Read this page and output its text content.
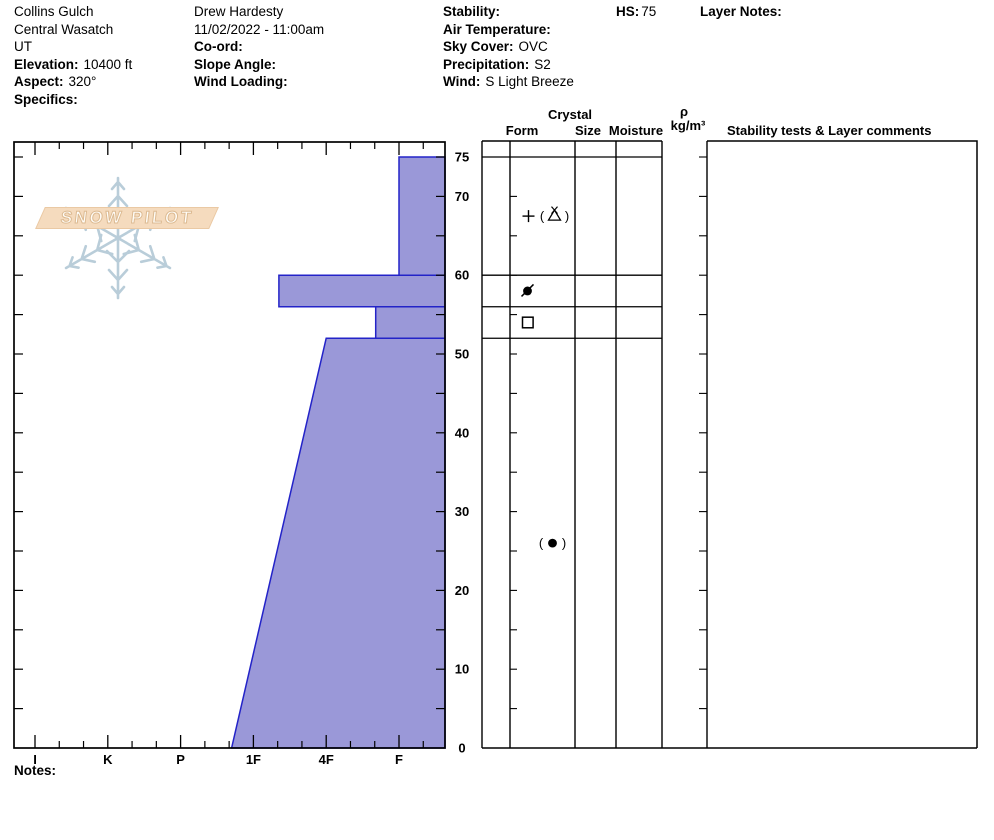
Collins Gulch
Central Wasatch
UT
Elevation: 10400 ft
Aspect: 320°
Specifics:
Drew Hardesty
11/02/2022 - 11:00am
Co-ord:
Slope Angle:
Wind Loading:
Stability:
Air Temperature:
Sky Cover: OVC
Precipitation: S2
Wind: S Light Breeze
HS: 75	Layer Notes:
SNOW PILOT
I	K	P	1F	4F	F
0
10
20
30
40
50
60
70
75
( )
( )
Crystal
Form	Size Moisture
ρ
kg/m³	Stability tests & Layer comments
Notes:
